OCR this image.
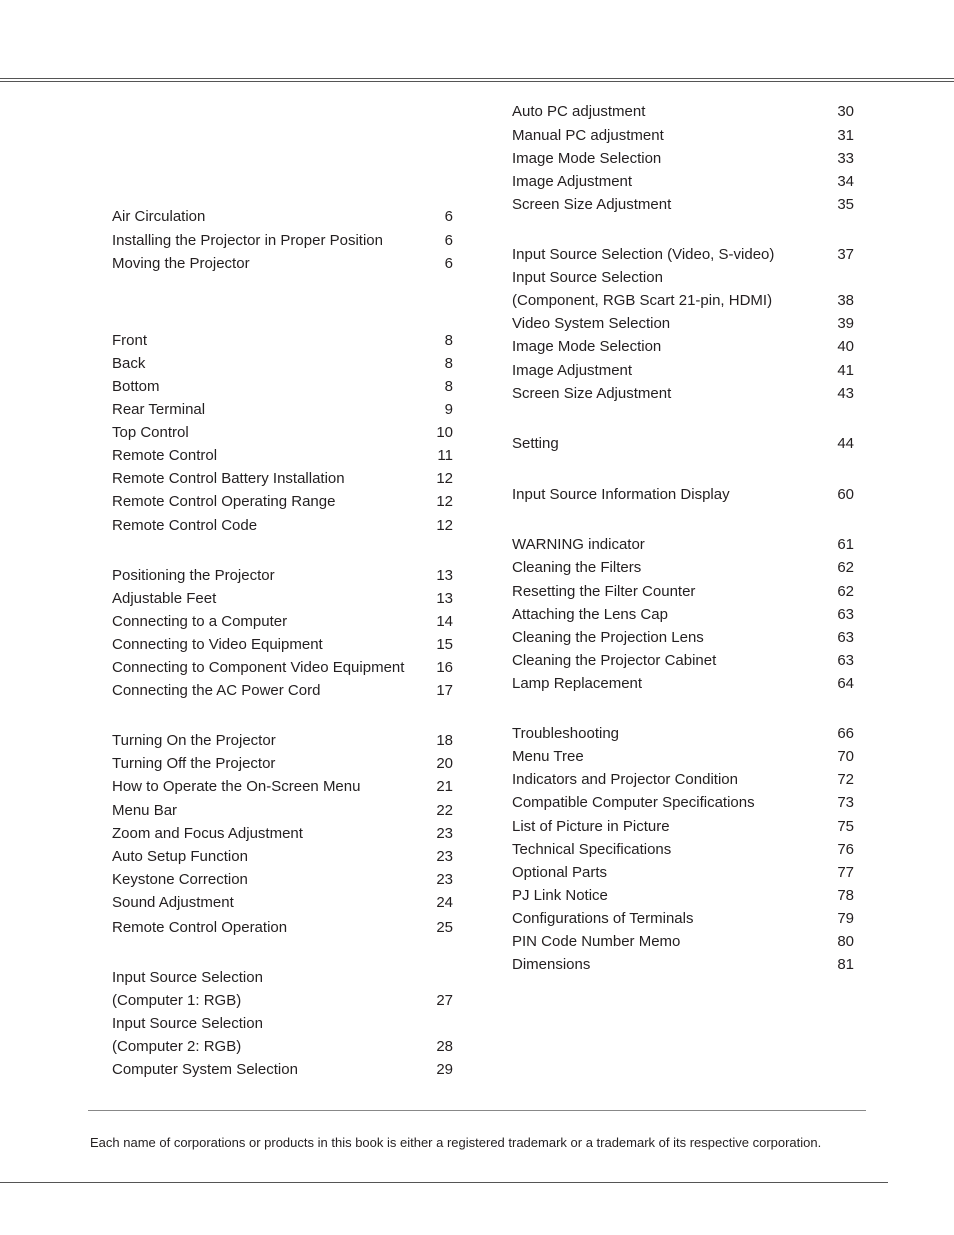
Air Circulation	6
Installing the Projector in Proper Position	6
Moving the Projector	6
Front	8
Back	8
Bottom	8
Rear Terminal	9
Top Control	10
Remote Control	11
Remote Control Battery Installation	12
Remote Control Operating Range	12
Remote Control Code	12
Positioning the Projector	13
Adjustable Feet	13
Connecting to a Computer	14
Connecting to Video Equipment	15
Connecting to Component Video Equipment 16
Connecting the AC Power Cord	17
Turning On the Projector	18
Turning Off the Projector	20
How to Operate the On-Screen Menu	21
Menu Bar	22
Zoom and Focus Adjustment	23
Auto Setup Function	23
Keystone Correction	23
Sound Adjustment	24
Remote Control Operation	25
Input Source Selection
(Computer 1: RGB)	27
Input Source Selection
(Computer 2: RGB)	28
Computer System Selection	29
Auto PC adjustment	30
Manual PC adjustment	31
Image Mode Selection	33
Image Adjustment	34
Screen Size Adjustment	35
Input Source Selection (Video, S-video)	37
Input Source Selection
(Component, RGB Scart 21-pin, HDMI)	38
Video System Selection	39
Image Mode Selection	40
Image Adjustment	41
Screen Size Adjustment	43
Setting	44
Input Source Information Display	60
WARNING indicator	61
Cleaning the Filters	62
Resetting the Filter Counter	62
Attaching the Lens Cap	63
Cleaning the Projection Lens	63
Cleaning the Projector Cabinet	63
Lamp Replacement	64
Troubleshooting	66
Menu Tree	70
Indicators and Projector Condition	72
Compatible Computer Specifications	73
List of Picture in Picture	75
Technical Specifications	76
Optional Parts	77
PJ Link Notice	78
Configurations of Terminals	79
PIN Code Number Memo	80
Dimensions	81
Each name of corporations or products in this book is either a registered trademark or a trademark of its respective corporation.
